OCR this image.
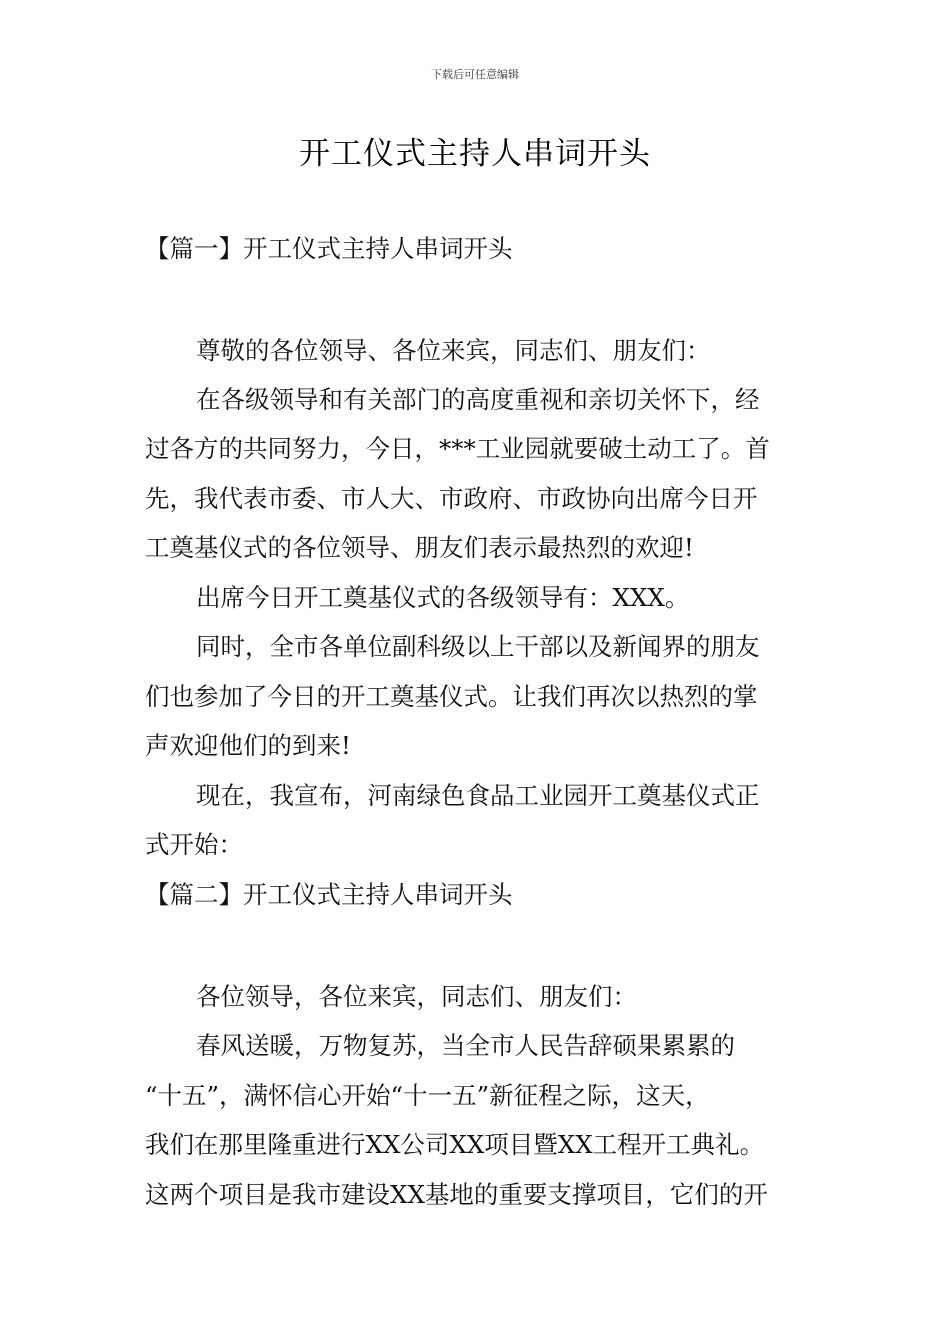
下载后可任意编辑
开工仪式主持人串词开头
【篇一】开工仪式主持人串词开头
尊敬的各位领导、各位来宾，同志们、朋友们：
在各级领导和有关部门的高度重视和亲切关怀下，经
过各方的共同努力，今日，***工业园就要破土动工了。首
先，我代表市委、市人大、市政府、市政协向出席今日开
工奠基仪式的各位领导、朋友们表示最热烈的欢迎!
出席今日开工奠基仪式的各级领导有：XXX。
同时，全市各单位副科级以上干部以及新闻界的朋友
们也参加了今日的开工奠基仪式。让我们再次以热烈的掌
声欢迎他们的到来!
现在，我宣布，河南绿色食品工业园开工奠基仪式正
式开始：
【篇二】开工仪式主持人串词开头
各位领导，各位来宾，同志们、朋友们：
春风送暖，万物复苏，当全市人民告辞硕果累累的
“十五”，满怀信心开始“十一五”新征程之际，这天，
我们在那里隆重进行XX公司XX项目暨XX工程开工典礼。
这两个项目是我市建设XX基地的重要支撑项目，它们的开
